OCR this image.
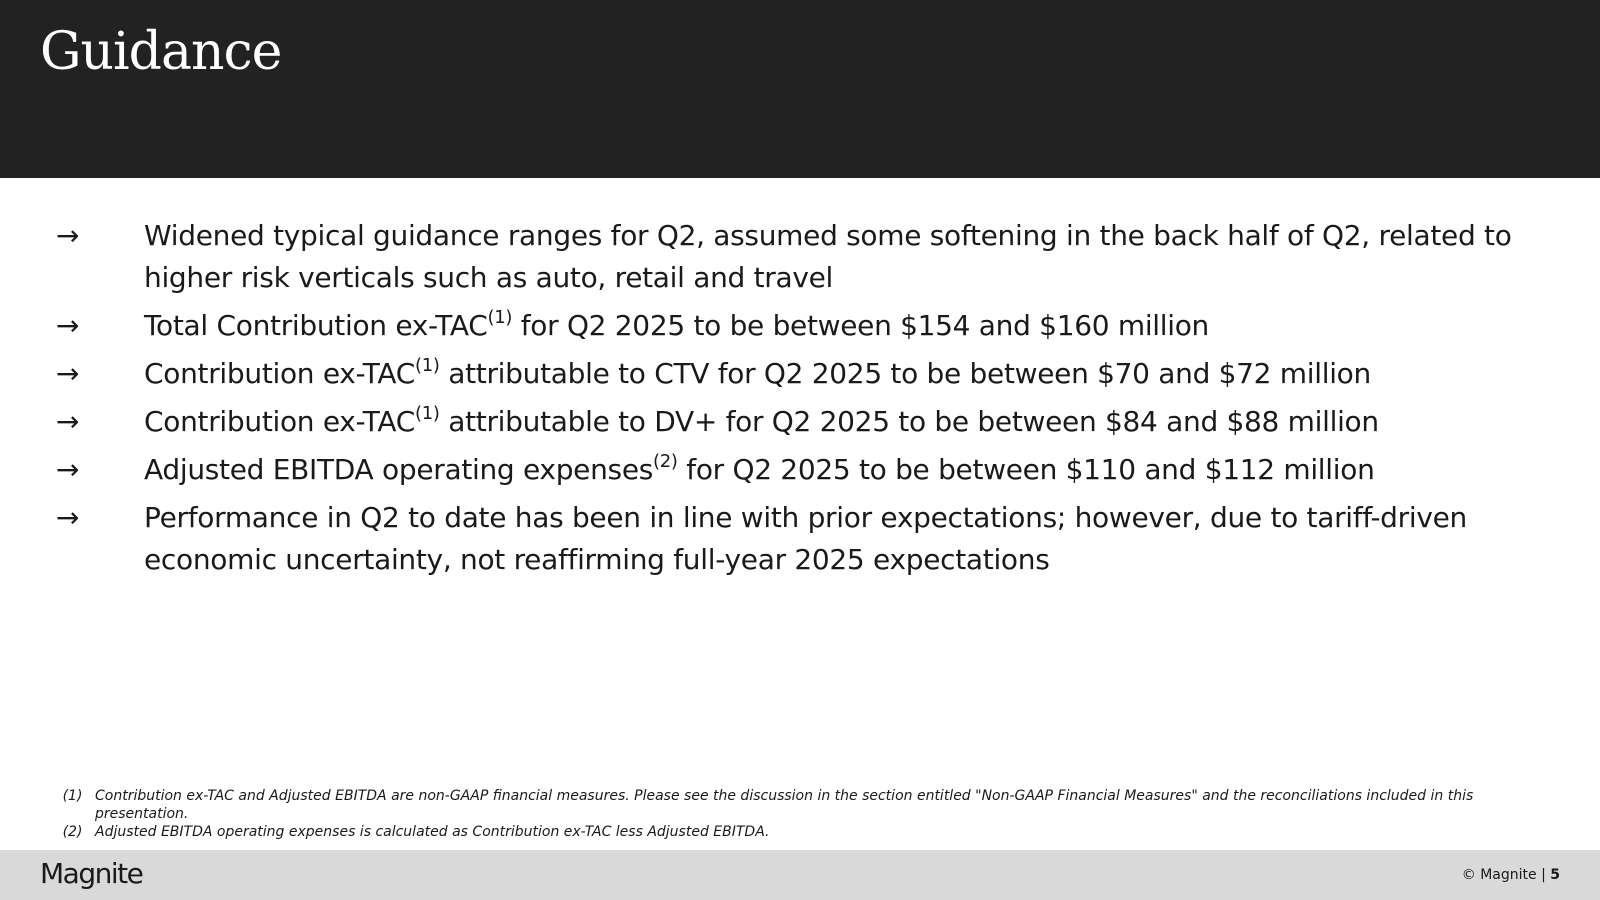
Guidance
→	Widened typical guidance ranges for Q2, assumed some softening in the back half of Q2, related to higher risk verticals such as auto, retail and travel
→	Total Contribution ex-TAC$^{(1)}$ for Q2 2025 to be between $154 and $160 million
→	Contribution ex-TAC$^{(1)}$ attributable to CTV for Q2 2025 to be between $70 and $72 million
→	Contribution ex-TAC$^{(1)}$ attributable to DV+ for Q2 2025 to be between $84 and $88 million
→	Adjusted EBITDA operating expenses$^{(2)}$ for Q2 2025 to be between $110 and $112 million
→	Performance in Q2 to date has been in line with prior expectations; however, due to tariff-driven economic uncertainty, not reaffirming full-year 2025 expectations
(1) Contribution ex-TAC and Adjusted EBITDA are non-GAAP financial measures. Please see the discussion in the section entitled "Non-GAAP Financial Measures" and the reconciliations included in this presentation.
(2) Adjusted EBITDA operating expenses is calculated as Contribution ex-TAC less Adjusted EBITDA.
Magnite	© Magnite | 5
